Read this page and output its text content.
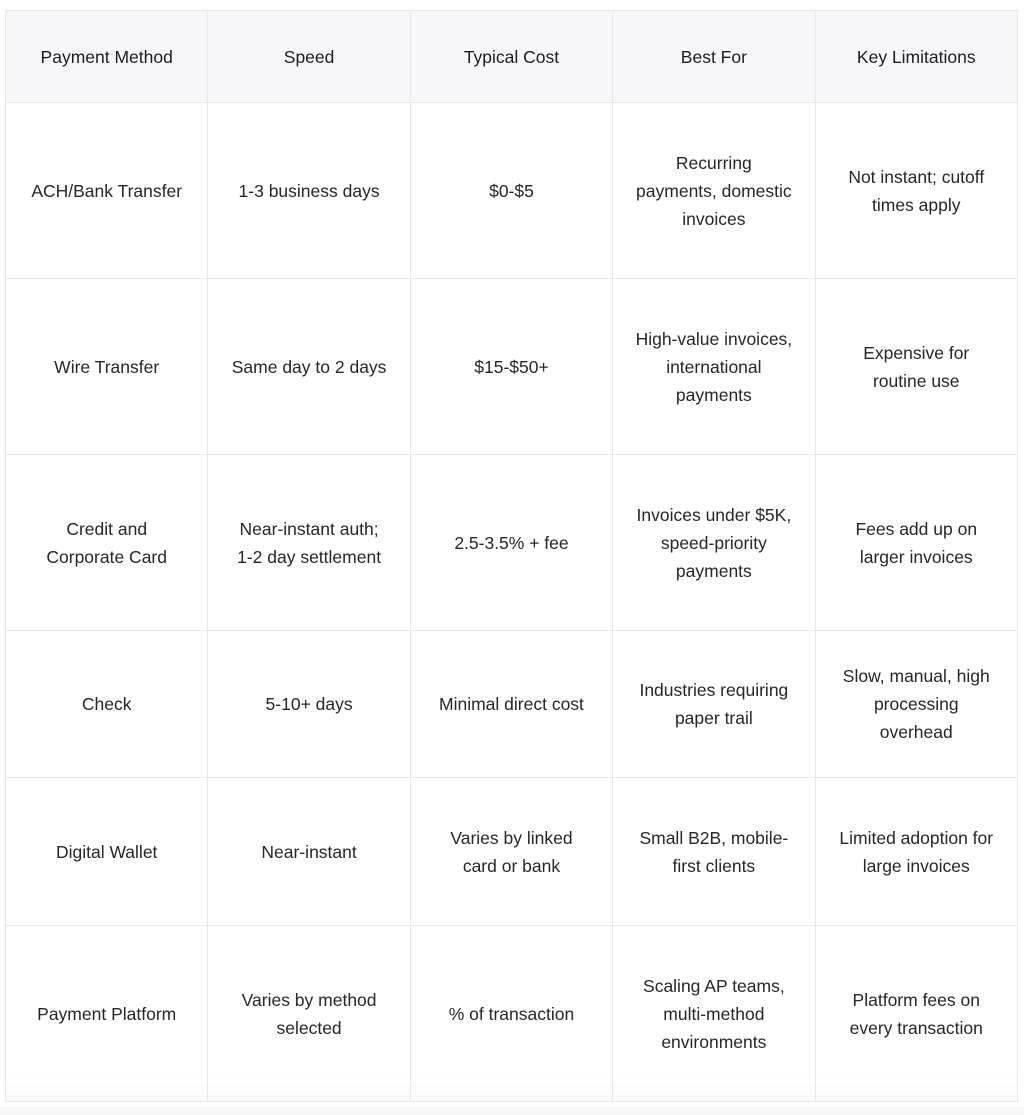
Payment Method	Speed	Typical Cost	Best For	Key Limitations
ACH/Bank Transfer	1-3 business days	$0-$5	Recurring payments, domestic invoices	Not instant; cutoff times apply
Wire Transfer	Same day to 2 days	$15-$50+	High-value invoices, international payments	Expensive for routine use
Credit and Corporate Card	Near-instant auth; 1-2 day settlement	2.5-3.5% + fee	Invoices under $5K, speed-priority payments	Fees add up on larger invoices
Check	5-10+ days	Minimal direct cost	Industries requiring paper trail	Slow, manual, high processing overhead
Digital Wallet	Near-instant	Varies by linked card or bank	Small B2B, mobile-first clients	Limited adoption for large invoices
Payment Platform	Varies by method selected	% of transaction	Scaling AP teams, multi-method environments	Platform fees on every transaction
